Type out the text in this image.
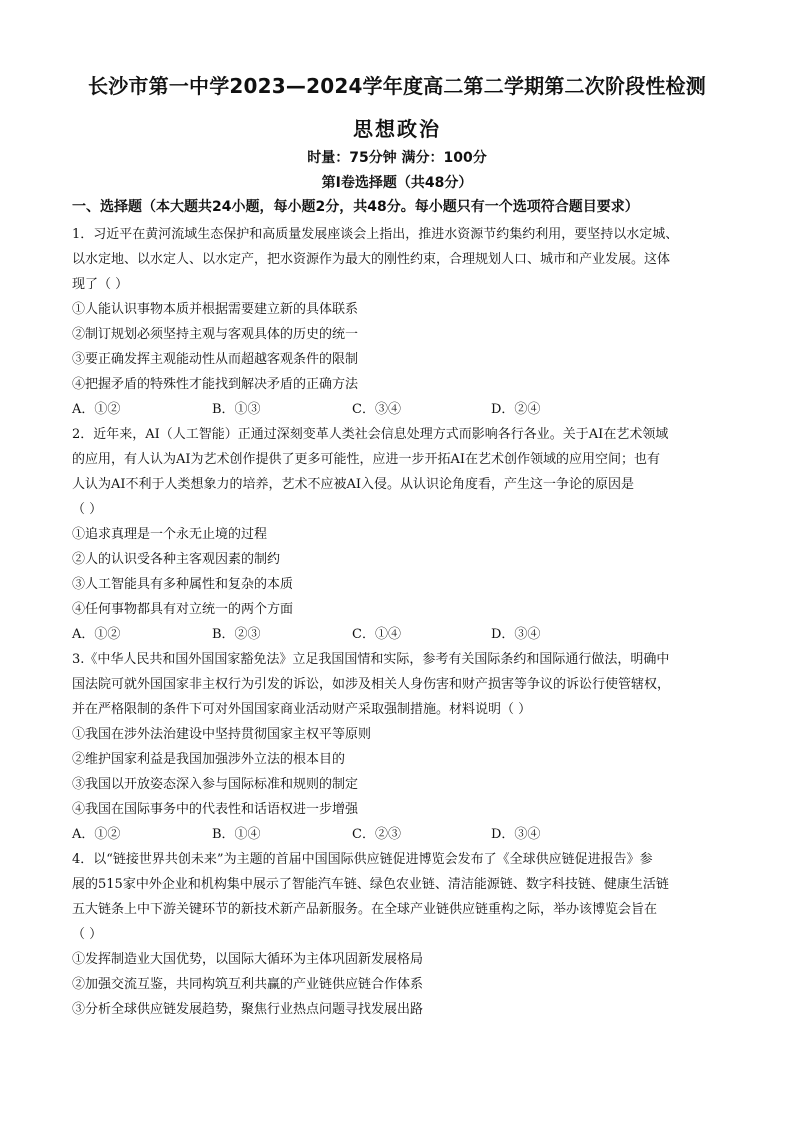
长沙市第一中学2023—2024学年度高二第二学期第二次阶段性检测
思想政治
时量：75分钟 满分：100分
第Ⅰ卷选择题（共48分）
一、选择题（本大题共24小题，每小题2分，共48分。每小题只有一个选项符合题目要求）
1．习近平在黄河流域生态保护和高质量发展座谈会上指出，推进水资源节约集约利用，要坚持以水定城、
以水定地、以水定人、以水定产，把水资源作为最大的刚性约束，合理规划人口、城市和产业发展。这体
现了（ ）
①人能认识事物本质并根据需要建立新的具体联系
②制订规划必须坚持主观与客观具体的历史的统一
③要正确发挥主观能动性从而超越客观条件的限制
④把握矛盾的特殊性才能找到解决矛盾的正确方法
A．①②	B．①③	C．③④	D．②④
2．近年来，AI（人工智能）正通过深刻变革人类社会信息处理方式而影响各行各业。关于AI在艺术领域
的应用，有人认为AI为艺术创作提供了更多可能性，应进一步开拓AI在艺术创作领域的应用空间；也有
人认为AI不利于人类想象力的培养，艺术不应被AI入侵。从认识论角度看，产生这一争论的原因是
（ ）
①追求真理是一个永无止境的过程
②人的认识受各种主客观因素的制约
③人工智能具有多种属性和复杂的本质
④任何事物都具有对立统一的两个方面
A．①②	B．②③	C．①④	D．③④
3.《中华人民共和国外国国家豁免法》立足我国国情和实际，参考有关国际条约和国际通行做法，明确中
国法院可就外国国家非主权行为引发的诉讼，如涉及相关人身伤害和财产损害等争议的诉讼行使管辖权，
并在严格限制的条件下可对外国国家商业活动财产采取强制措施。材料说明（ ）
①我国在涉外法治建设中坚持贯彻国家主权平等原则
②维护国家利益是我国加强涉外立法的根本目的
③我国以开放姿态深入参与国际标准和规则的制定
④我国在国际事务中的代表性和话语权进一步增强
A．①②	B．①④	C．②③	D．③④
4．以“链接世界共创未来”为主题的首届中国国际供应链促进博览会发布了《全球供应链促进报告》参
展的515家中外企业和机构集中展示了智能汽车链、绿色农业链、清洁能源链、数字科技链、健康生活链
五大链条上中下游关键环节的新技术新产品新服务。在全球产业链供应链重构之际，举办该博览会旨在
（ ）
①发挥制造业大国优势，以国际大循环为主体巩固新发展格局
②加强交流互鉴，共同构筑互利共赢的产业链供应链合作体系
③分析全球供应链发展趋势，聚焦行业热点问题寻找发展出路
